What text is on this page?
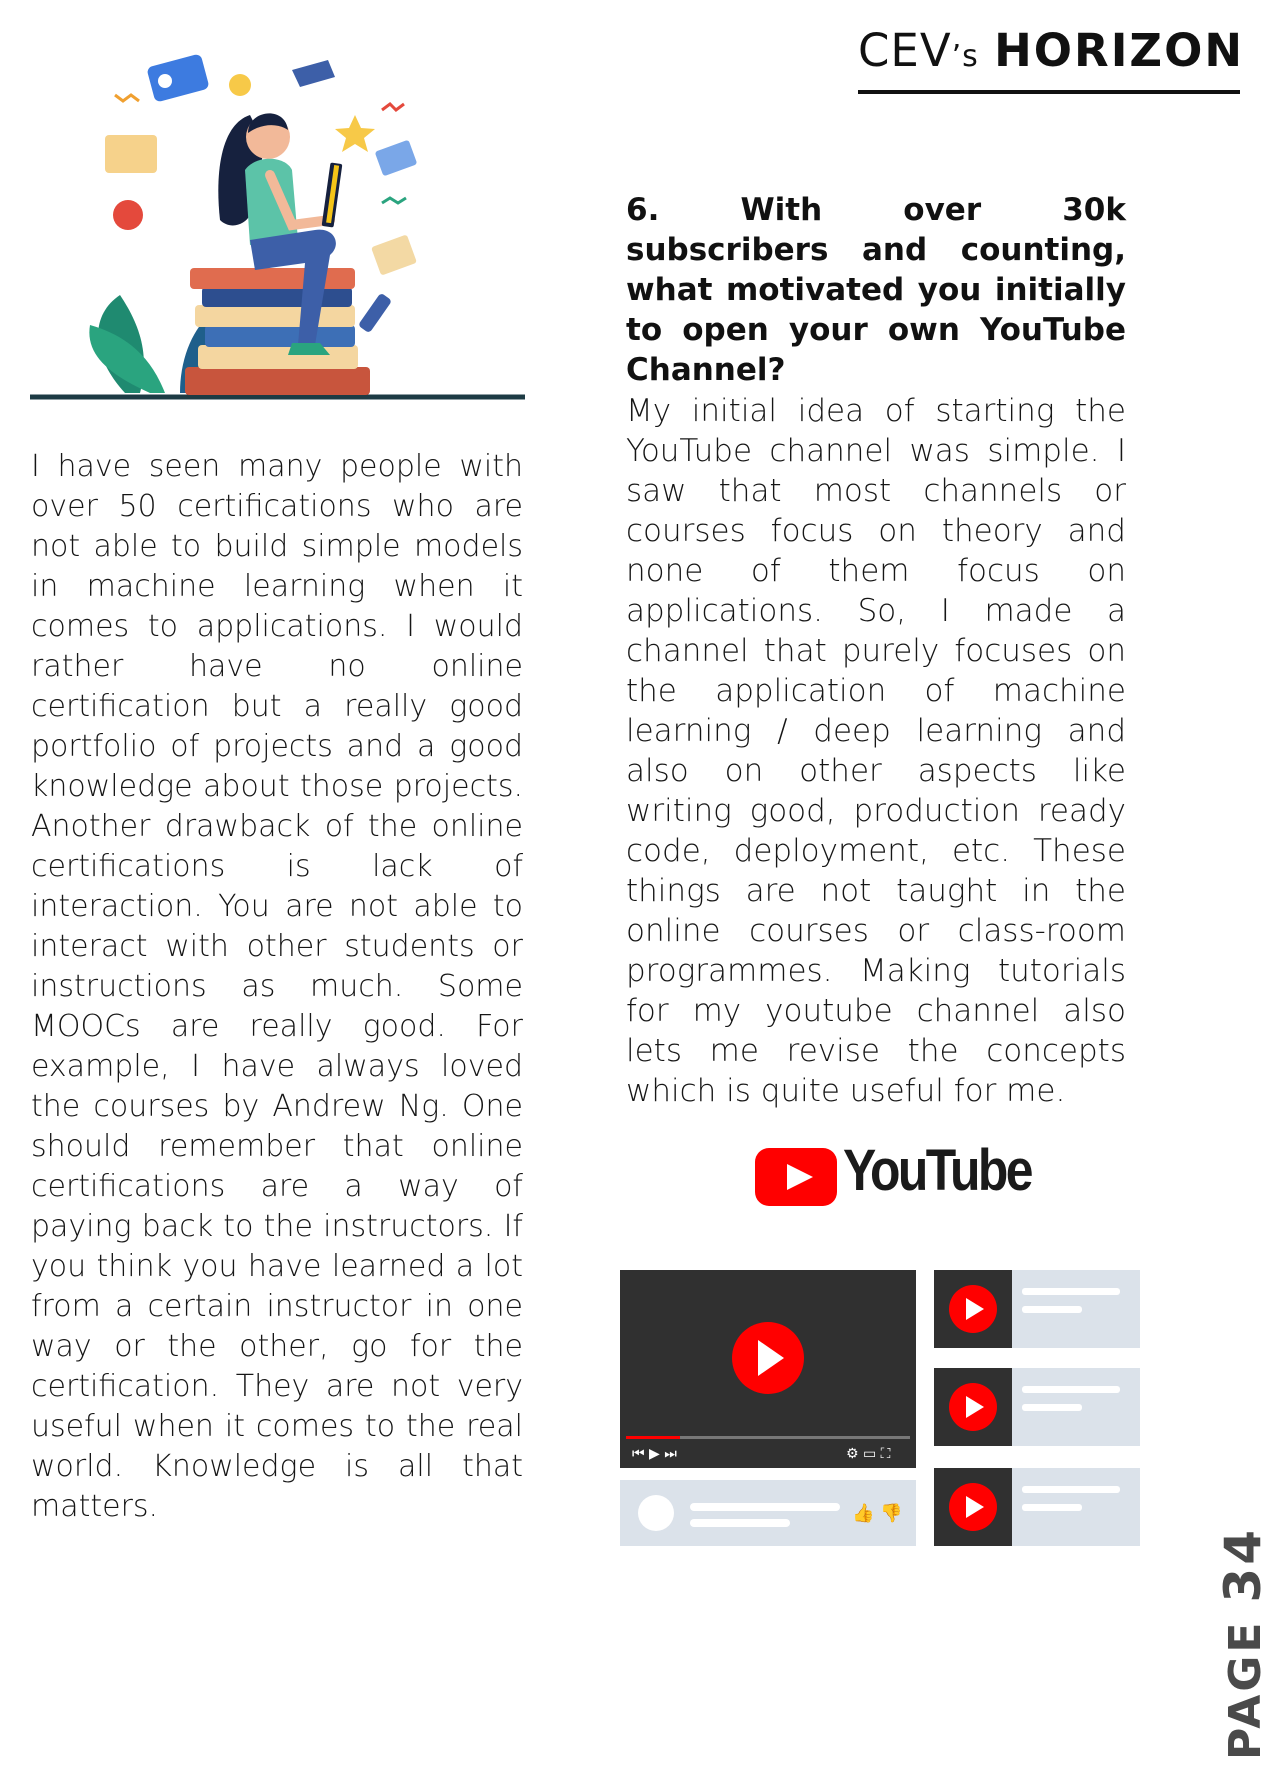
CEV’s HORIZON

I have seen many people with over 50 certifications who are not able to build simple models in machine learning when it comes to applications. I would rather have no online certification but a really good portfolio of projects and a good knowledge about those projects. Another drawback of the online certifications is lack of interaction. You are not able to interact with other students or instructions as much. Some MOOCs are really good. For example, I have always loved the courses by Andrew Ng. One should remember that online certifications are a way of paying back to the instructors. If you think you have learned a lot from a certain instructor in one way or the other, go for the certification. They are not very useful when it comes to the real world. Knowledge is all that matters.

6. With over 30k subscribers and counting, what motivated you initially to open your own YouTube Channel?

My initial idea of starting the YouTube channel was simple. I saw that most channels or courses focus on theory and none of them focus on applications. So, I made a channel that purely focuses on the application of machine learning / deep learning and also on other aspects like writing good, production ready code, deployment, etc. These things are not taught in the online courses or class-room programmes. Making tutorials for my youtube channel also lets me revise the concepts which is quite useful for me.

YouTube
⏮ ▶ ⏭	⚙ ▭ ⛶
👍 👎
PAGE 34
